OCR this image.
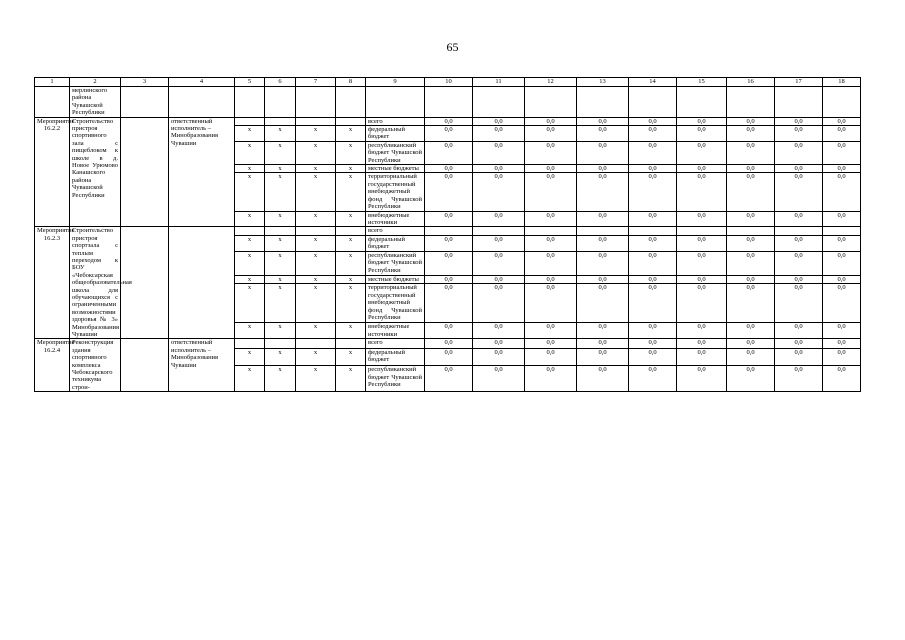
65
1	2	3	4	5	6	7	8	9	10	11	12	13	14	15	16	17	18
	мерлинского района Чувашской Республики																
Мероприятие 16.2.2	Строительство пристроя спортивного зала с пищеблоком к школе в д. Новое Урюмово Канашского района Чувашской Республики		ответственный исполнитель – Минобразования Чувашии					всего	0,0	0,0	0,0	0,0	0,0	0,0	0,0	0,0	0,0
				x	x	x	x	федеральный бюджет	0,0	0,0	0,0	0,0	0,0	0,0	0,0	0,0	0,0
				x	x	x	x	республиканский бюджет Чувашской Республики	0,0	0,0	0,0	0,0	0,0	0,0	0,0	0,0	0,0
				x	x	x	x	местные бюджеты	0,0	0,0	0,0	0,0	0,0	0,0	0,0	0,0	0,0
				x	x	x	x	территориальный государственный внебюджетный фонд Чувашской Республики	0,0	0,0	0,0	0,0	0,0	0,0	0,0	0,0	0,0
				x	x	x	x	внебюджетные источники	0,0	0,0	0,0	0,0	0,0	0,0	0,0	0,0	0,0
Мероприятие 16.2.3	Строительство пристроя спортзала с теплым переходом к БОУ «Чебоксарская общеобразовательная школа для обучающихся с ограниченными возможностями здоровья № 3» Минобразования Чувашии							всего									
				x	x	x	x	федеральный бюджет	0,0	0,0	0,0	0,0	0,0	0,0	0,0	0,0	0,0
				x	x	x	x	республиканский бюджет Чувашской Республики	0,0	0,0	0,0	0,0	0,0	0,0	0,0	0,0	0,0
				x	x	x	x	местные бюджеты	0,0	0,0	0,0	0,0	0,0	0,0	0,0	0,0	0,0
				x	x	x	x	территориальный государственный внебюджетный фонд Чувашской Республики	0,0	0,0	0,0	0,0	0,0	0,0	0,0	0,0	0,0
				x	x	x	x	внебюджетные источники	0,0	0,0	0,0	0,0	0,0	0,0	0,0	0,0	0,0
Мероприятие 16.2.4	Реконструкция здания спортивного комплекса Чебоксарского техникума строи-		ответственный исполнитель – Минобразования Чувашии					всего	0,0	0,0	0,0	0,0	0,0	0,0	0,0	0,0	0,0
				x	x	x	x	федеральный бюджет	0,0	0,0	0,0	0,0	0,0	0,0	0,0	0,0	0,0
				x	x	x	x	республиканский бюджет Чувашской Республики	0,0	0,0	0,0	0,0	0,0	0,0	0,0	0,0	0,0
